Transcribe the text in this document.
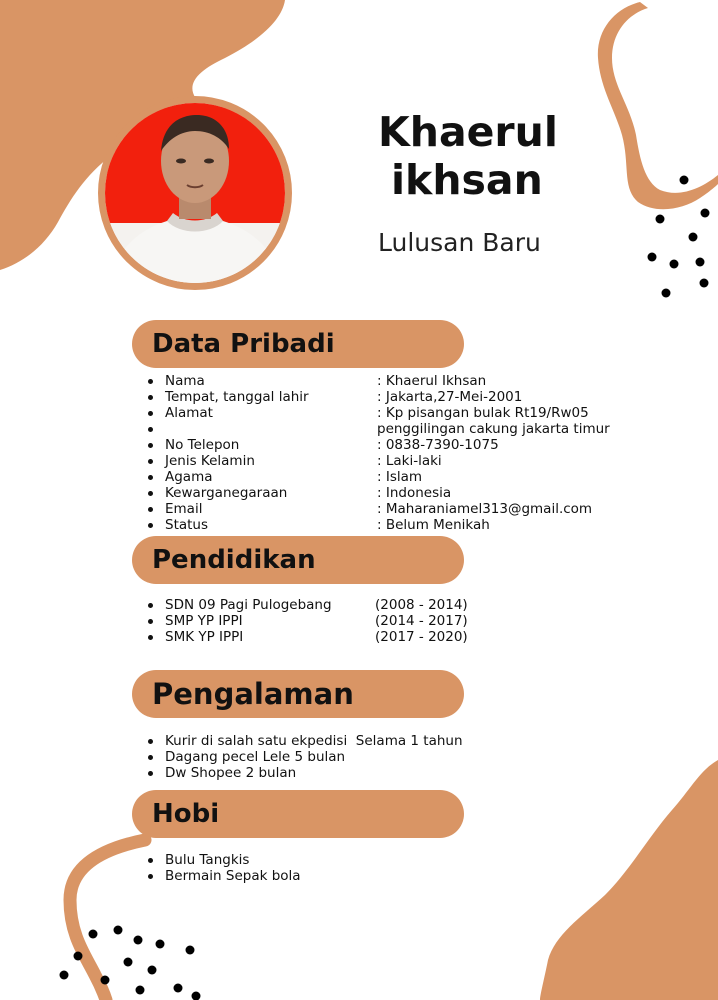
Khaerul
ikhsan
Lulusan Baru
Data Pribadi
Nama	: Khaerul Ikhsan
Tempat, tanggal lahir	: Jakarta,27-Mei-2001
Alamat	: Kp pisangan bulak Rt19/Rw05
penggilingan cakung jakarta timur
No Telepon	: 0838-7390-1075
Jenis Kelamin	: Laki-laki
Agama	: Islam
Kewarganegaraan	: Indonesia
Email	: Maharaniamel313@gmail.com
Status	: Belum Menikah
Pendidikan
SDN 09 Pagi Pulogebang	(2008 - 2014)
SMP YP IPPI	(2014 - 2017)
SMK YP IPPI	(2017 - 2020)
Pengalaman
Kurir di salah satu ekpedisi  Selama 1 tahun
Dagang pecel Lele 5 bulan
Dw Shopee 2 bulan
Hobi
Bulu Tangkis
Bermain Sepak bola
